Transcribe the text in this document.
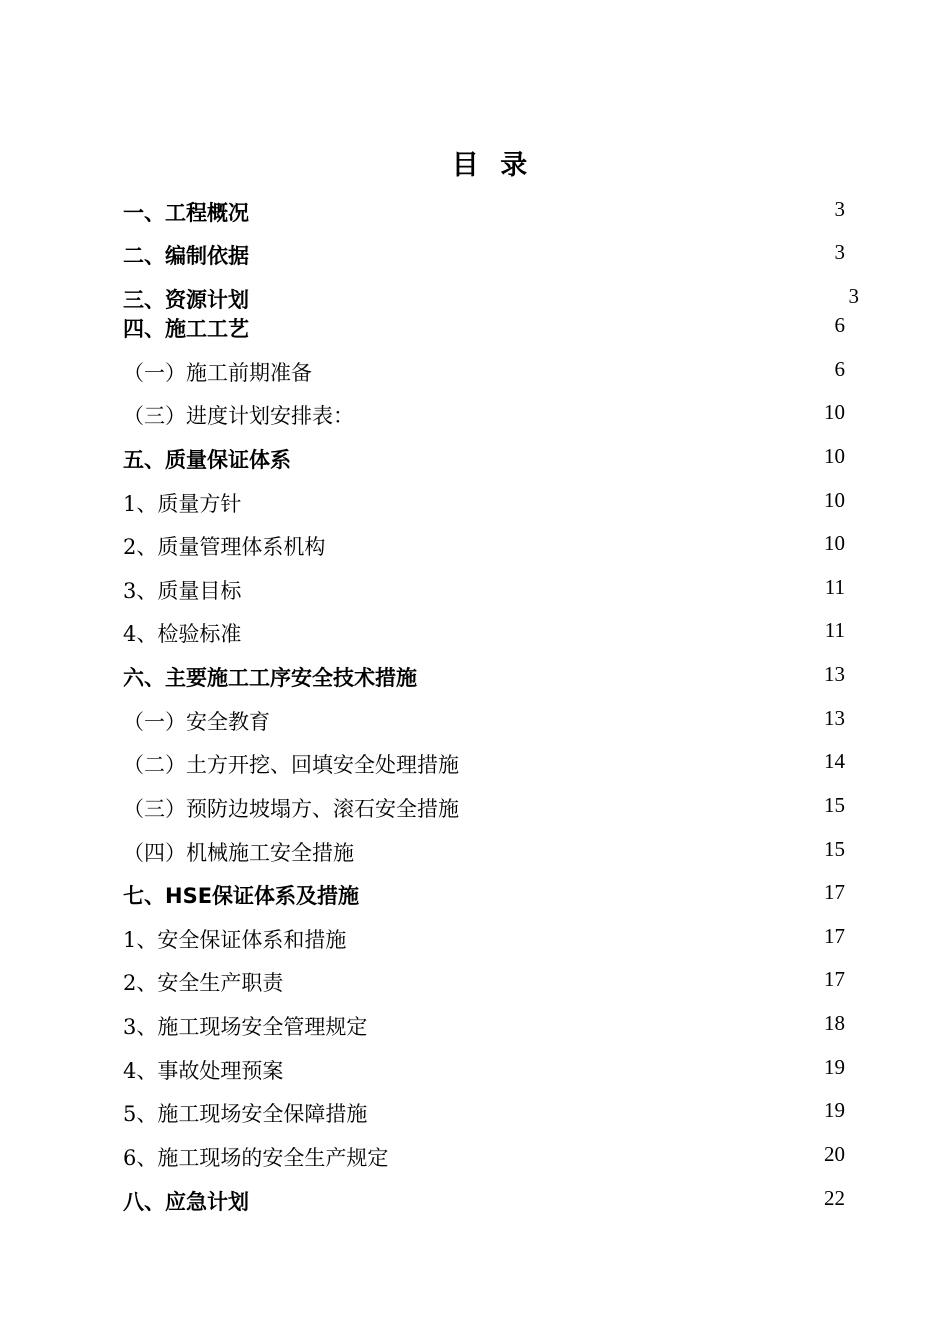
目 录
一、工程概况	3
二、编制依据	3
三、资源计划	3
四、施工工艺	6
（一）施工前期准备	6
（三）进度计划安排表：	10
五、质量保证体系	10
1、质量方针	10
2、质量管理体系机构	10
3、质量目标	11
4、检验标准	11
六、主要施工工序安全技术措施	13
（一）安全教育	13
（二）土方开挖、回填安全处理措施	14
（三）预防边坡塌方、滚石安全措施	15
（四）机械施工安全措施	15
七、HSE保证体系及措施	17
1、安全保证体系和措施	17
2、安全生产职责	17
3、施工现场安全管理规定	18
4、事故处理预案	19
5、施工现场安全保障措施	19
6、施工现场的安全生产规定	20
八、应急计划	22
